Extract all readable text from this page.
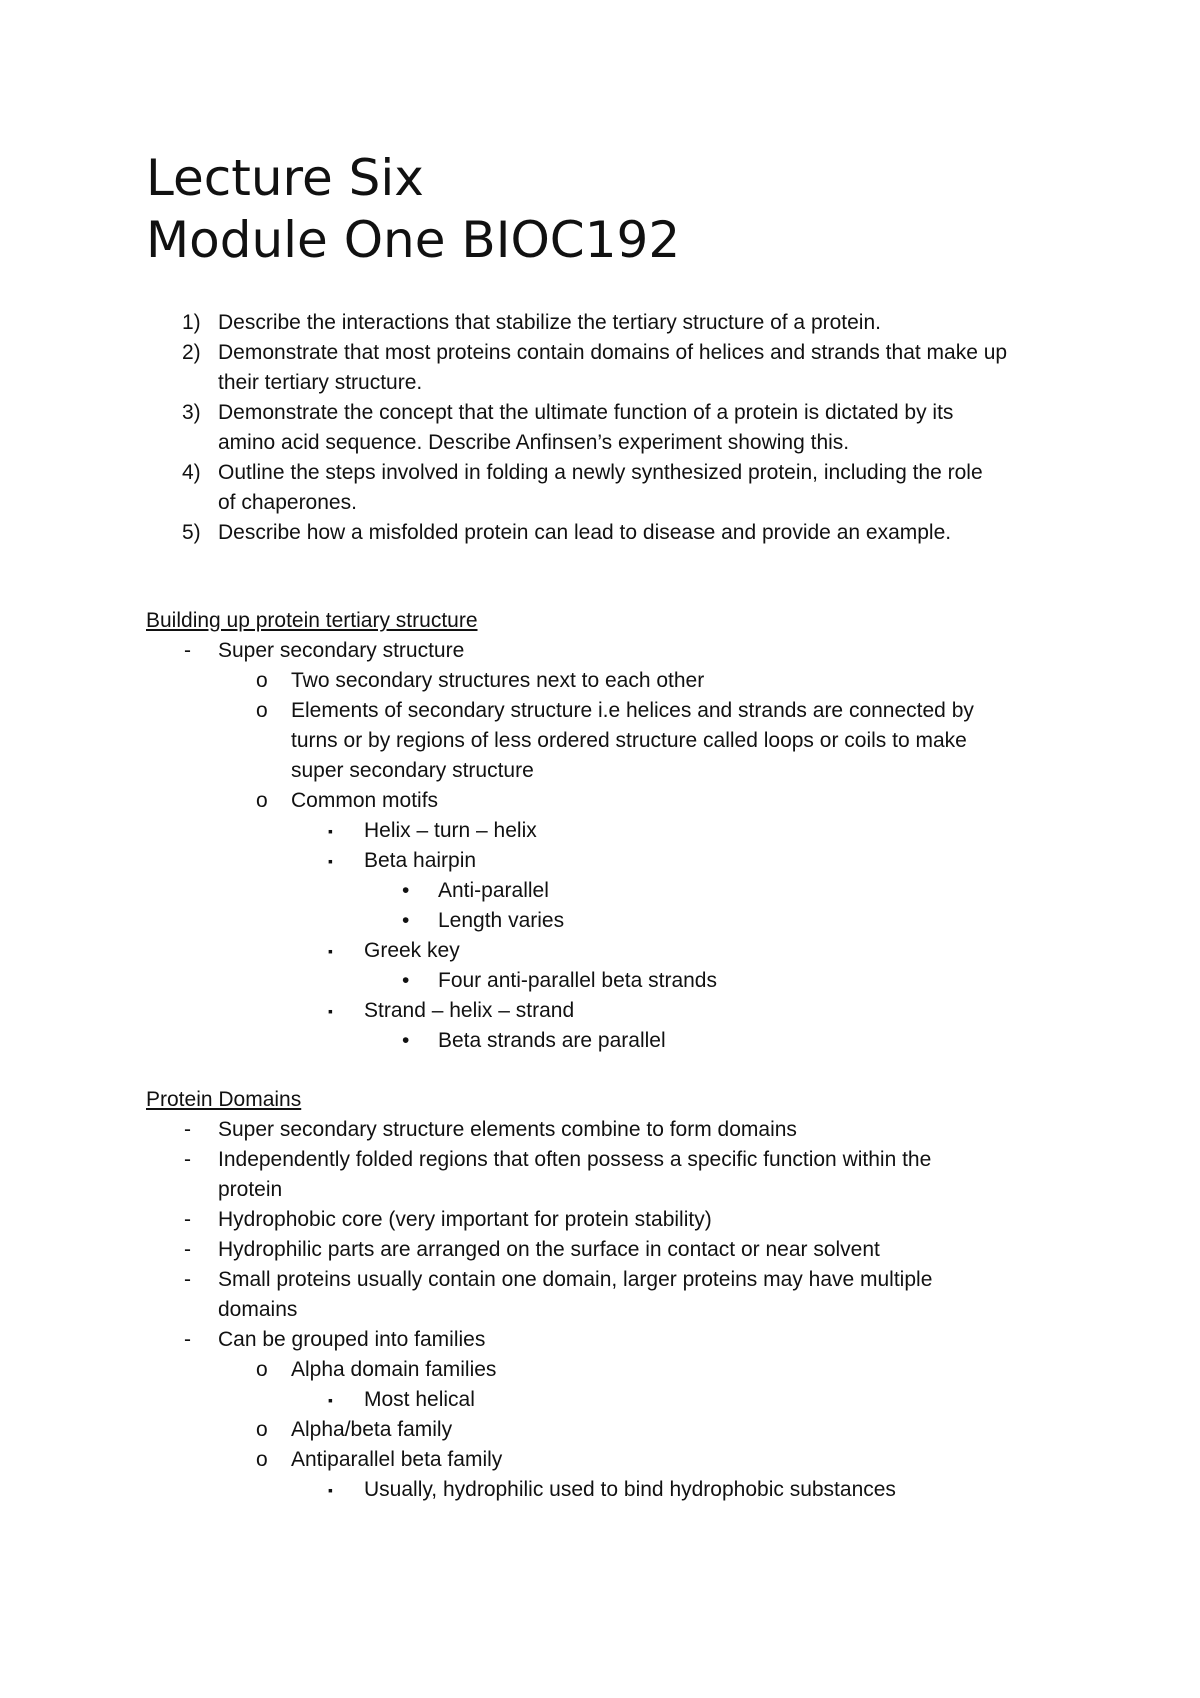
Lecture Six
Module One BIOC192
1) Describe the interactions that stabilize the tertiary structure of a protein.
2) Demonstrate that most proteins contain domains of helices and strands that make up
their tertiary structure.
3) Demonstrate the concept that the ultimate function of a protein is dictated by its
amino acid sequence. Describe Anfinsen’s experiment showing this.
4) Outline the steps involved in folding a newly synthesized protein, including the role
of chaperones.
5) Describe how a misfolded protein can lead to disease and provide an example.
Building up protein tertiary structure
- Super secondary structure
o Two secondary structures next to each other
o Elements of secondary structure i.e helices and strands are connected by
turns or by regions of less ordered structure called loops or coils to make
super secondary structure
o Common motifs
▪ Helix – turn – helix
▪ Beta hairpin
• Anti-parallel
• Length varies
▪ Greek key
• Four anti-parallel beta strands
▪ Strand – helix – strand
• Beta strands are parallel
Protein Domains
- Super secondary structure elements combine to form domains
- Independently folded regions that often possess a specific function within the
protein
- Hydrophobic core (very important for protein stability)
- Hydrophilic parts are arranged on the surface in contact or near solvent
- Small proteins usually contain one domain, larger proteins may have multiple
domains
- Can be grouped into families
o Alpha domain families
▪ Most helical
o Alpha/beta family
o Antiparallel beta family
▪ Usually, hydrophilic used to bind hydrophobic substances
